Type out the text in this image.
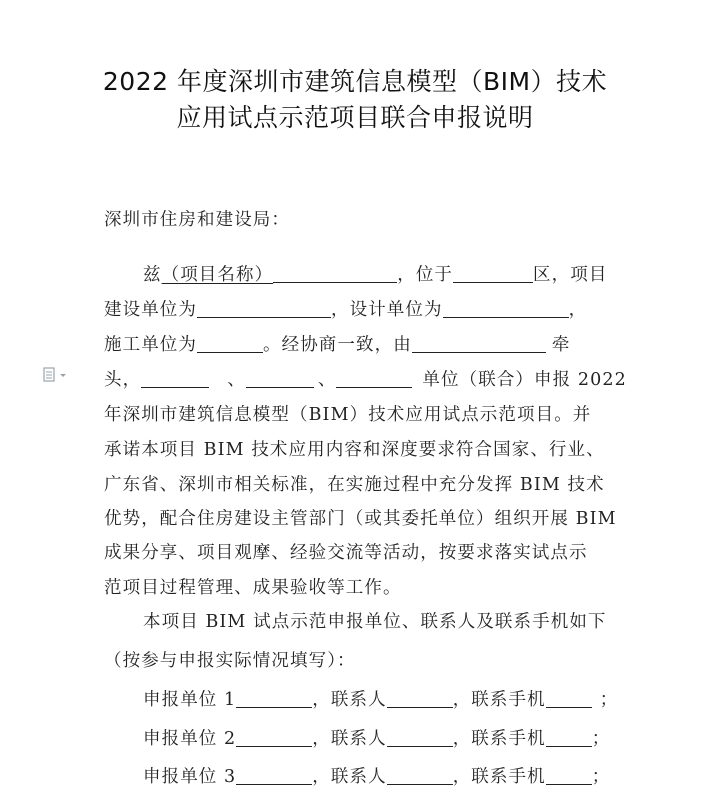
2022 年度深圳市建筑信息模型（BIM）技术
应用试点示范项目联合申报说明
深圳市住房和建设局：
兹（项目名称）	，位于	区，项目
建设单位为	，设计单位为	，
施工单位为	。经协商一致，由	牵
头，	、	、	单位（联合）申报 2022
年深圳市建筑信息模型（BIM）技术应用试点示范项目。并
承诺本项目 BIM 技术应用内容和深度要求符合国家、行业、
广东省、深圳市相关标准，在实施过程中充分发挥 BIM 技术
优势，配合住房建设主管部门（或其委托单位）组织开展 BIM
成果分享、项目观摩、经验交流等活动，按要求落实试点示
范项目过程管理、成果验收等工作。
本项目 BIM 试点示范申报单位、联系人及联系手机如下
（按参与申报实际情况填写）：
申报单位 1	，联系人	，联系手机	；
申报单位 2	，联系人	，联系手机	；
申报单位 3	，联系人	，联系手机	；
